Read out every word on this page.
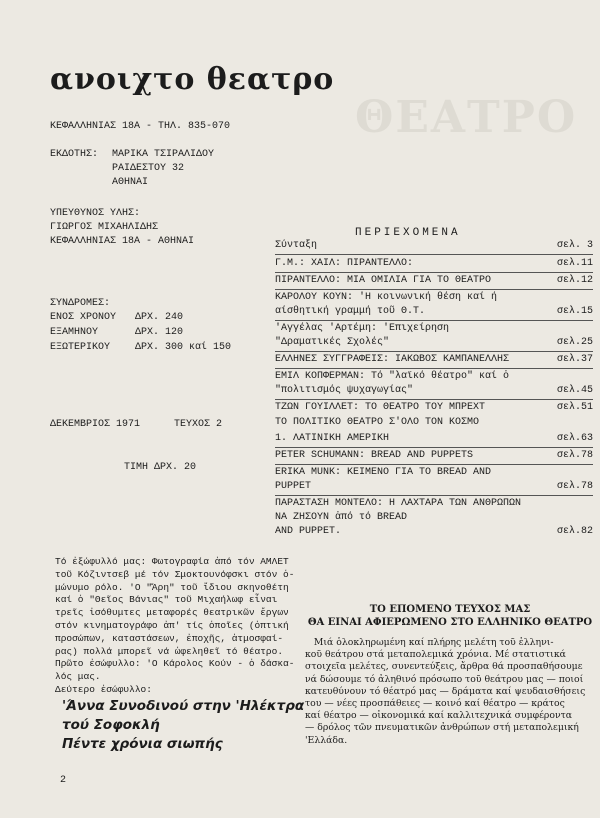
ανοιχτο θεατρο
ΘΕΑΤΡΟ
ΚΕΦΑΛΛΗΝΙΑΣ 18Α - ΤΗΛ. 835-070
ΕΚΔΟΤΗΣ: ΜΑΡΙΚΑ ΤΣΙΡΑΛΙΔΟΥ
ΡΑΙΔΕΣΤΟΥ 32
ΑΘΗΝΑΙ
ΥΠΕΥΘΥΝΟΣ ΥΛΗΣ:
ΓΙΩΡΓΟΣ ΜΙΧΑΗΛΙΔΗΣ
ΚΕΦΑΛΛΗΝΙΑΣ 18Α - ΑΘΗΝΑΙ
ΣΥΝΔΡΟΜΕΣ:
ΕΝΟΣ ΧΡΟΝΟΥ ΔΡΧ. 240
ΕΞΑΜΗΝΟΥ	ΔΡΧ. 120
ΕΞΩΤΕΡΙΚΟΥ ΔΡΧ. 300 καί 150
ΔΕΚΕΜΒΡΙΟΣ 1971	ΤΕΥΧΟΣ 2
ΤΙΜΗ ΔΡΧ. 20
ΠΕΡΙΕΧΟΜΕΝΑ
Σύνταξη	σελ. 3
Γ.Μ.: ΧΑΙΛ: ΠΙΡΑΝΤΕΛΛΟ:	σελ.11
ΠΙΡΑΝΤΕΛΛΟ: ΜΙΑ ΟΜΙΛΙΑ ΓΙΑ ΤΟ ΘΕΑΤΡΟ	σελ.12
ΚΑΡΟΛΟΥ ΚΟΥΝ: 'Η κοινωνική θέση καί ή
αίσθητική γραμμή τοῦ Θ.Τ.	σελ.15
'Αγγέλας 'Αρτέμη: 'Επιχείρηση
"Δραματικές Σχολές"	σελ.25
ΕΛΛΗΝΕΣ ΣΥΓΓΡΑΦΕΙΣ: ΙΑΚΩΒΟΣ ΚΑΜΠΑΝΕΛΛΗΣ	σελ.37
ΕΜΙΛ ΚΟΠΦΕΡΜΑΝ: Τό "λαϊκό θέατρο" καί ὁ
"πολιτισμός ψυχαγωγίας"	σελ.45
ΤΖΩΝ ΓΟΥΙΛΛΕΤ: ΤΟ ΘΕΑΤΡΟ ΤΟΥ ΜΠΡΕΧΤ	σελ.51
ΤΟ ΠΟΛΙΤΙΚΟ ΘΕΑΤΡΟ Σ'ΟΛΟ ΤΟΝ ΚΟΣΜΟ
1. ΛΑΤΙΝΙΚΗ ΑΜΕΡΙΚΗ	σελ.63
PETER SCHUMANN: BREAD AND PUPPETS	σελ.78
ERIKA MUNK: ΚΕΙΜΕΝΟ ΓΙΑ ΤΟ BREAD AND
PUPPET	σελ.78
ΠΑΡΑΣΤΑΣΗ ΜΟΝΤΕΛΟ: Η ΛΑΧΤΑΡΑ ΤΩΝ ΑΝΘΡΩΠΩΝ
ΝΑ ΖΗΣΟΥΝ ἀπό τό BREAD
AND PUPPET.	σελ.82
Τό ἐξώφυλλό μας: Φωτογραφία ἀπό τόν ΑΜΛΕΤ
τοῦ Κόζιντσεβ μέ τόν Σμοκτουνόφσκι στόν ὁ-
μώνυμο ρόλο. 'Ο "Ἄρη" τοῦ ἴδιου σκηνοθέτη
καί ὁ "Θεῖος Βάνιας" τοῦ Μιχαήλωφ εἶναι
τρεῖς ἰσόθυμτες μεταφορές θεατρικῶν ἔργων
στόν κινηματογράφο ἀπ' τίς ὁποῖες (ὀπτική
προσώπων, καταστάσεων, ἐποχῆς, ἀτμοσφαί-
ρας) πολλά μπορεῖ νά ὠφεληθεῖ τό θέατρο.
Πρῶτο ἐσώφυλλο: 'Ο Κάρολος Κούν - ὁ δάσκα-
λός μας.
Δεύτερο ἐσώφυλλο:
'Άννα Συνοδινού στην 'Ηλέκτρα
τού Σοφοκλή
Πέντε χρόνια σιωπής
ΤΟ ΕΠΟΜΕΝΟ ΤΕΥΧΟΣ ΜΑΣ
ΘΑ ΕΙΝΑΙ ΑΦΙΕΡΩΜΕΝΟ ΣΤΟ ΕΛΛΗΝΙΚΟ ΘΕΑΤΡΟ
Μιά ὁλοκληρωμένη καί πλήρης μελέτη τοῦ ἑλληνι-
κοῦ θεάτρου στά μεταπολεμικά χρόνια. Μέ στατιστικά
στοιχεῖα μελέτες, συνεντεύξεις, ἄρθρα θά προσπαθήσουμε
νά δώσουμε τό ἀληθινό πρόσωπο τοῦ θεάτρου μας — ποιοί
κατευθύνουν τό θέατρό μας — δράματα καί ψευδαισθήσεις
του — νέες προσπάθειες — κοινό καί θέατρο — κράτος
καί θέατρο — οἰκονομικά καί καλλιτεχνικά συμφέροντα
— δρόλος τῶν πνευματικῶν ἀνθρώπων στή μεταπολεμική
'Ελλάδα.
2
